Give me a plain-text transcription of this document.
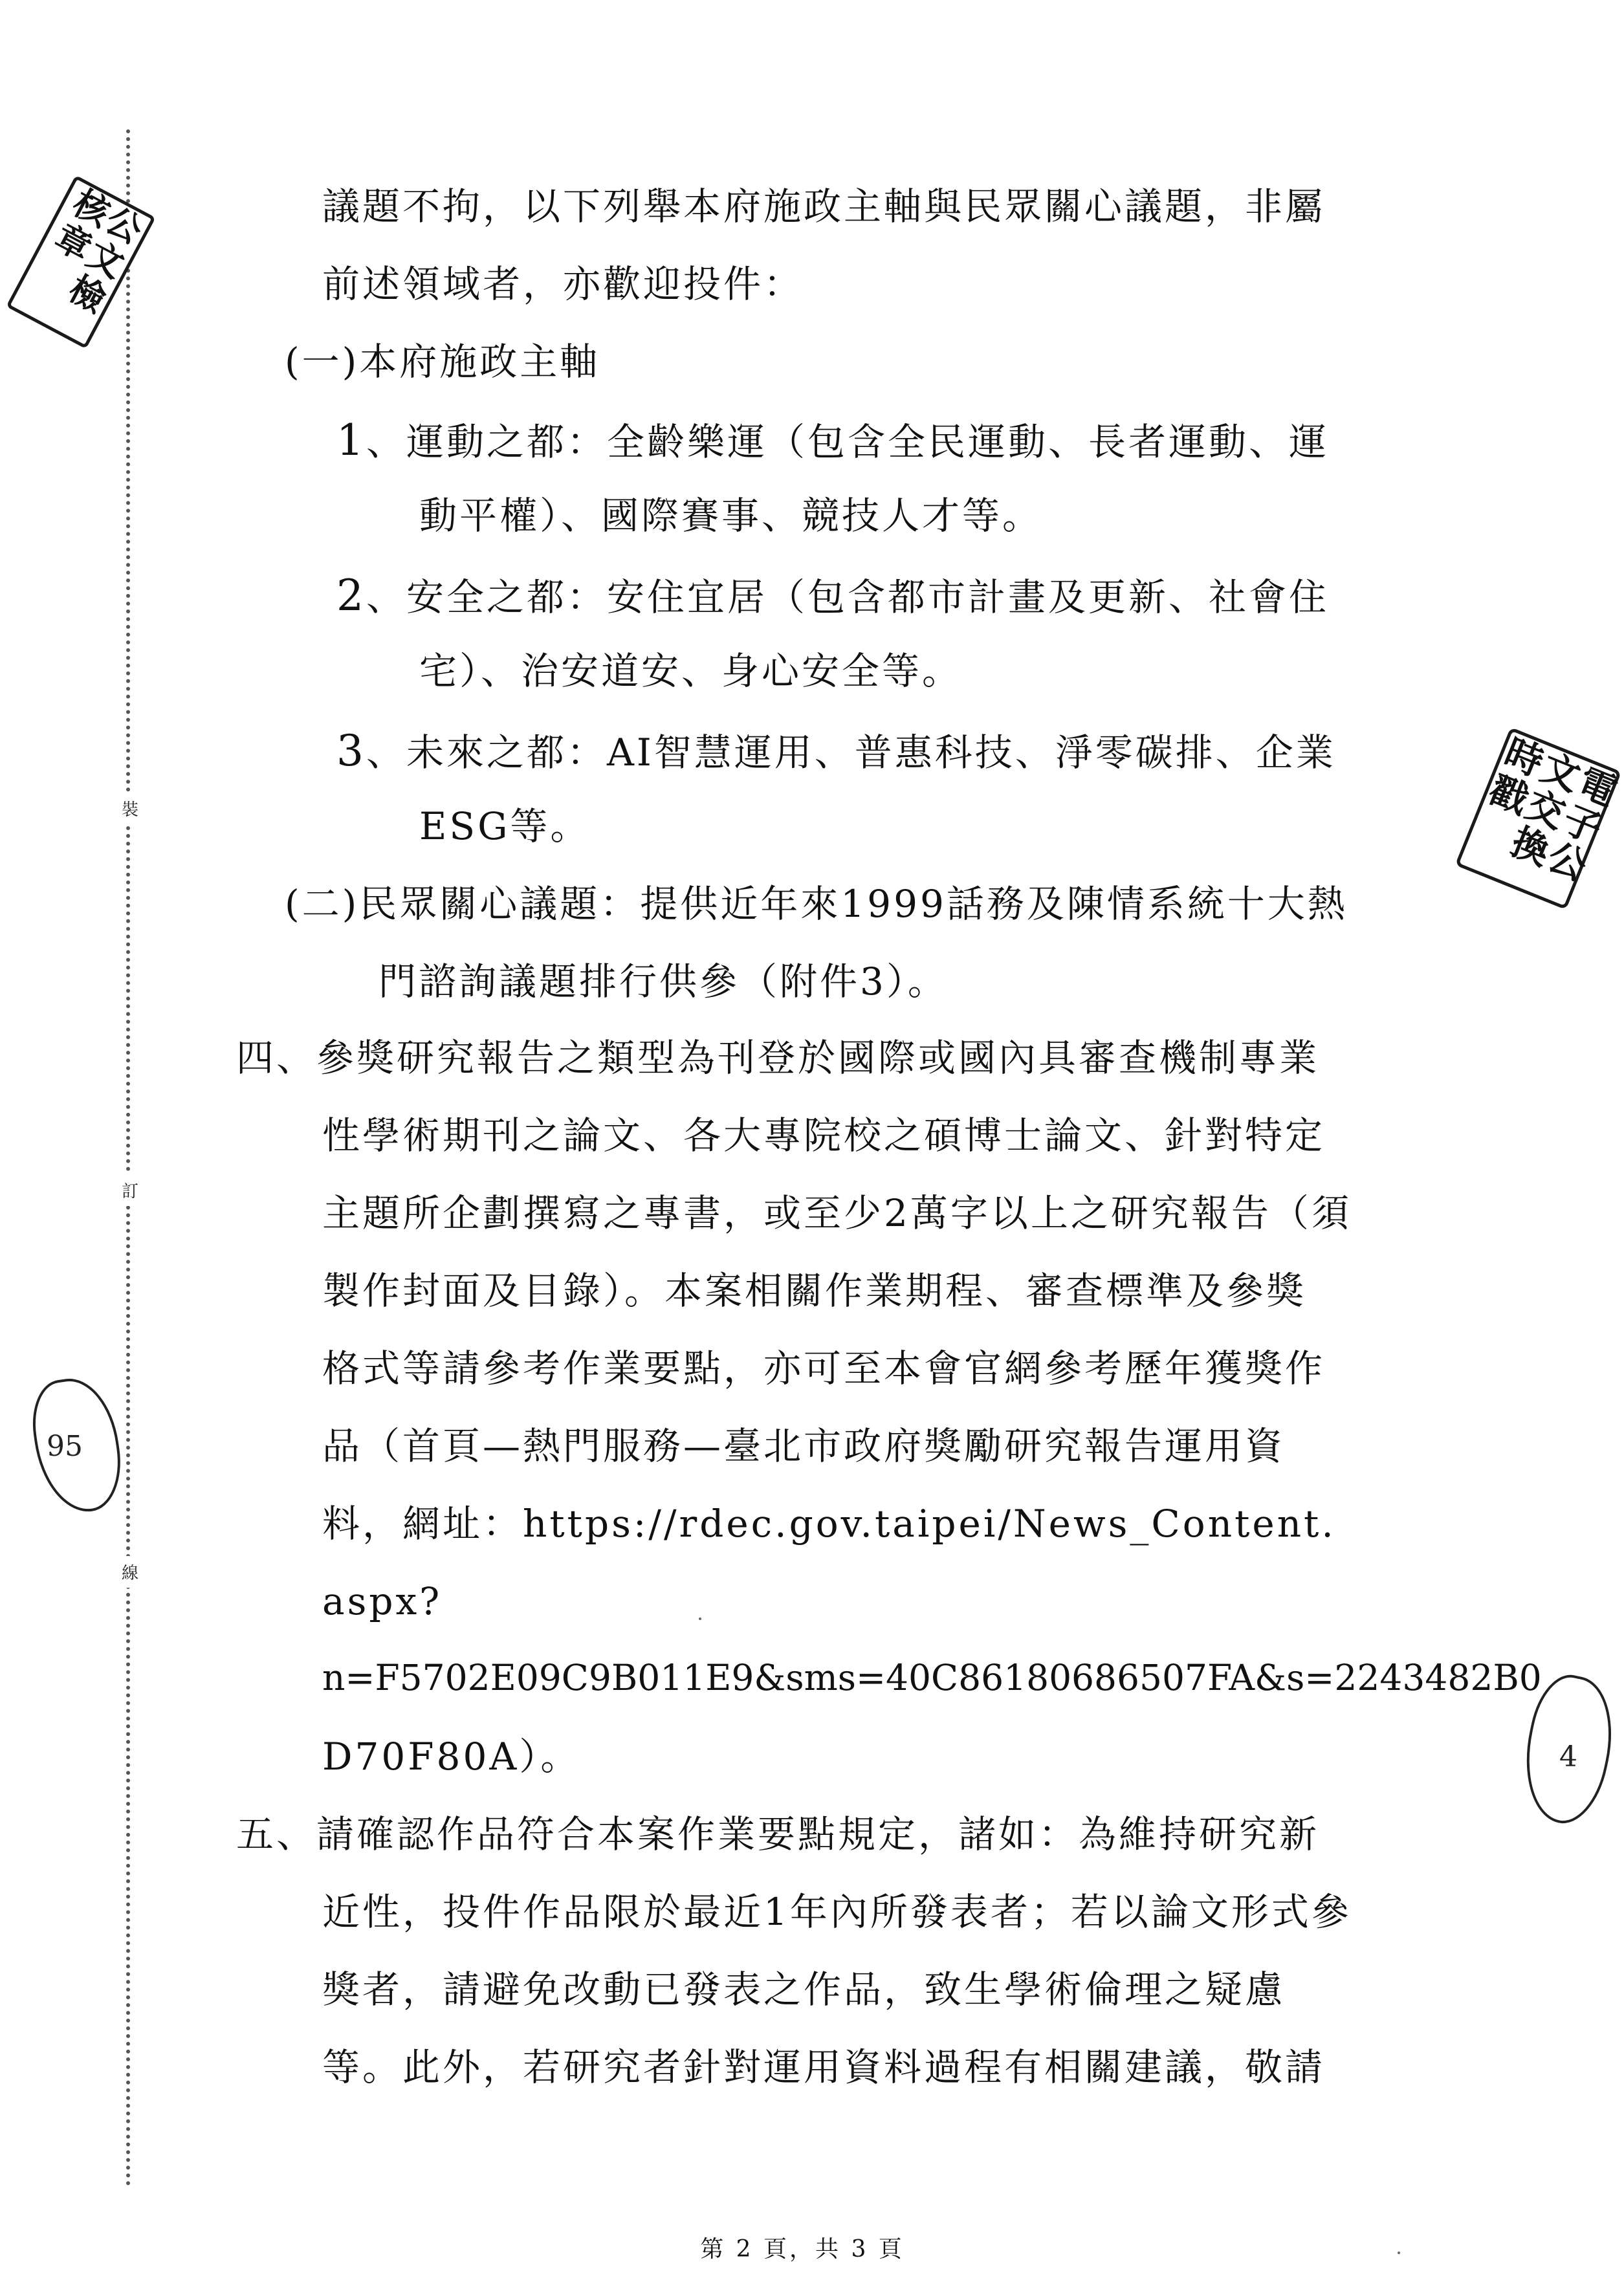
裝
訂
線
公文檢核章
電子公文交換時戳
95
4
議題不拘，以下列舉本府施政主軸與民眾關心議題，非屬
前述領域者，亦歡迎投件：
(一)本府施政主軸
1、運動之都：全齡樂運（包含全民運動、長者運動、運
動平權）、國際賽事、競技人才等。
2、安全之都：安住宜居（包含都市計畫及更新、社會住
宅）、治安道安、身心安全等。
3、未來之都：AI智慧運用、普惠科技、淨零碳排、企業
ESG等。
(二)民眾關心議題：提供近年來1999話務及陳情系統十大熱
門諮詢議題排行供參（附件3）。
四、參獎研究報告之類型為刊登於國際或國內具審查機制專業
性學術期刊之論文、各大專院校之碩博士論文、針對特定
主題所企劃撰寫之專書，或至少2萬字以上之研究報告（須
製作封面及目錄）。本案相關作業期程、審查標準及參獎
格式等請參考作業要點，亦可至本會官網參考歷年獲獎作
品（首頁—熱門服務—臺北市政府獎勵研究報告運用資
料，網址：https://rdec.gov.taipei/News_Content.
aspx?
n=F5702E09C9B011E9&sms=40C86180686507FA&s=2243482B0
D70F80A）。
五、請確認作品符合本案作業要點規定，諸如：為維持研究新
近性，投件作品限於最近1年內所發表者；若以論文形式參
獎者，請避免改動已發表之作品，致生學術倫理之疑慮
等。此外，若研究者針對運用資料過程有相關建議，敬請
第 2 頁，共 3 頁
